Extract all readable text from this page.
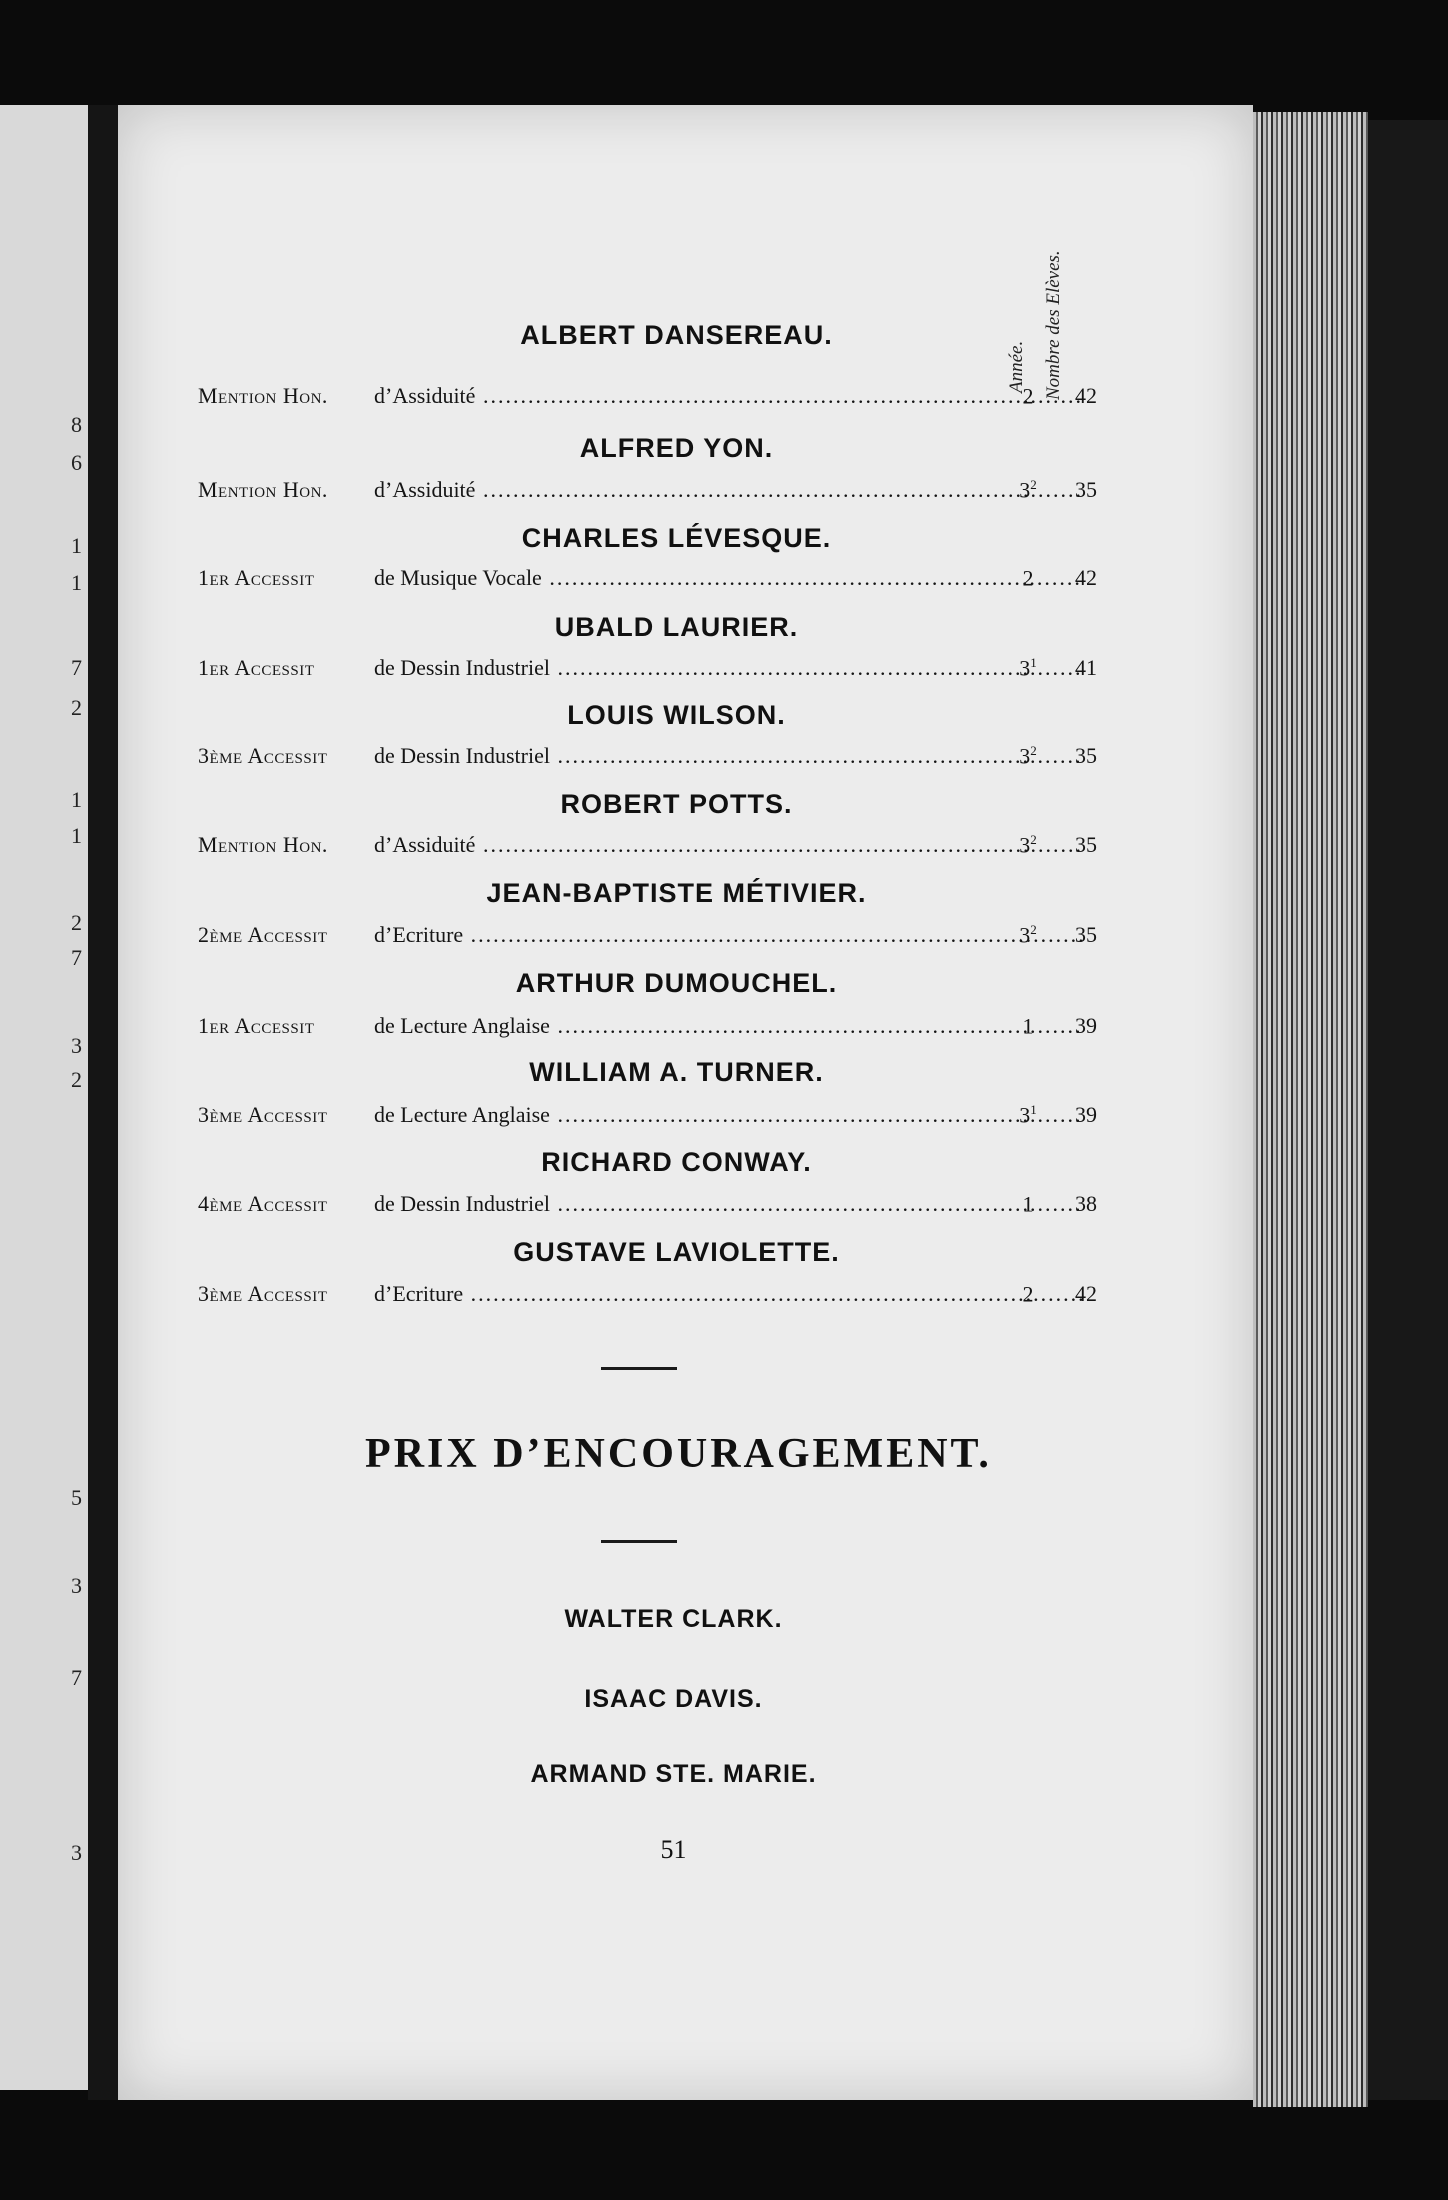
8
6
1
1
7
2
1
1
2
7
3
2
5
3
7
3
Année. Nombre des Elèves.
ALBERT DANSEREAU.
Mention Hon. d’Assiduité .....	2	42
ALFRED YON.
Mention Hon. d’Assiduité .....	$3^2$	35
CHARLES LÉVESQUE.
1er Accessit	de Musique Vocale .....	2	42
UBALD LAURIER.
1er Accessit	de Dessin Industriel .....	$3^1$	41
LOUIS WILSON.
3ème Accessit de Dessin Industriel .....	$3^2$	35
ROBERT POTTS.
Mention Hon. d’Assiduité .....	$3^2$	35
JEAN-BAPTISTE MÉTIVIER.
2ème Accessit d’Ecriture .....	$3^2$	35
ARTHUR DUMOUCHEL.
1er Accessit	de Lecture Anglaise .....	1	39
WILLIAM A. TURNER.
3ème Accessit de Lecture Anglaise .....	$3^1$	39
RICHARD CONWAY.
4ème Accessit de Dessin Industriel .....	1	38
GUSTAVE LAVIOLETTE.
3ème Accessit d’Ecriture .....	2	42
PRIX D’ENCOURAGEMENT.
WALTER CLARK.
ISAAC DAVIS.
ARMAND STE. MARIE.
51
